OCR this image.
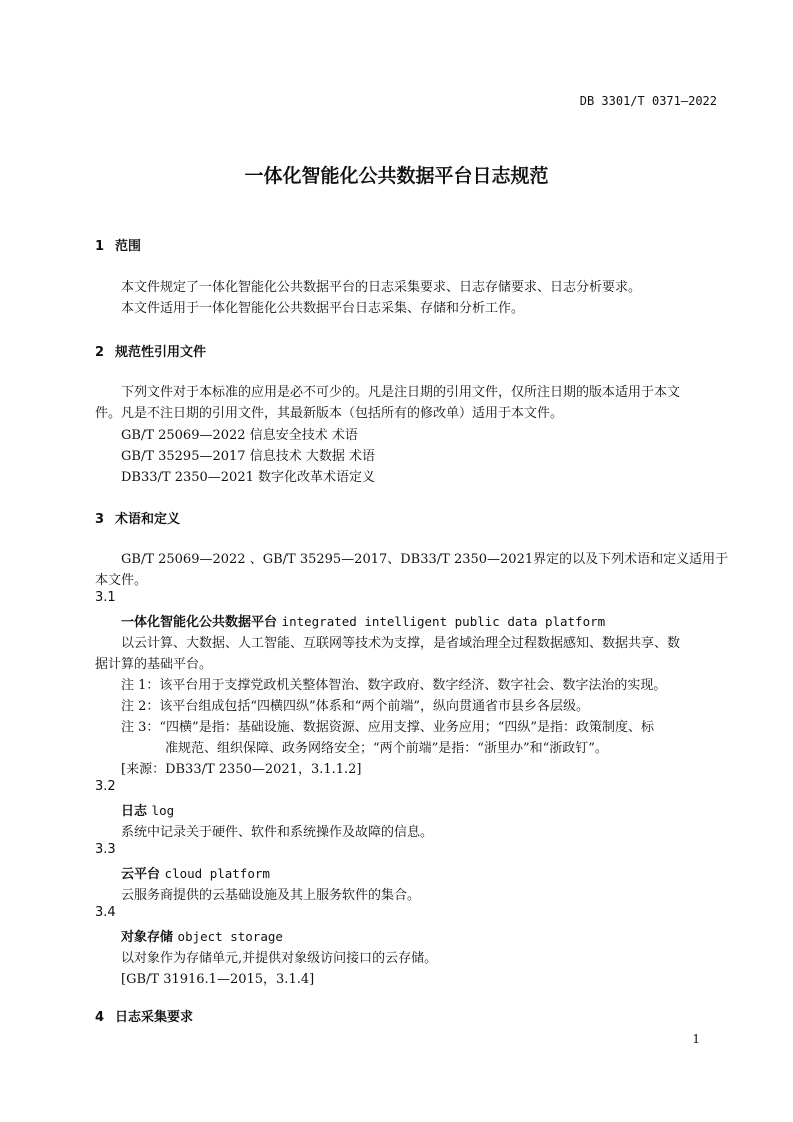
DB 3301/T 0371—2022
一体化智能化公共数据平台日志规范
1 范围
本文件规定了一体化智能化公共数据平台的日志采集要求、日志存储要求、日志分析要求。
本文件适用于一体化智能化公共数据平台日志采集、存储和分析工作。
2 规范性引用文件
下列文件对于本标准的应用是必不可少的。凡是注日期的引用文件，仅所注日期的版本适用于本文
件。凡是不注日期的引用文件，其最新版本（包括所有的修改单）适用于本文件。
GB/T 25069—2022 信息安全技术 术语
GB/T 35295—2017 信息技术 大数据 术语
DB33/T 2350—2021 数字化改革术语定义
3 术语和定义
GB/T 25069—2022 、GB/T 35295—2017、DB33/T 2350—2021界定的以及下列术语和定义适用于
本文件。
3.1
一体化智能化公共数据平台 integrated intelligent public data platform
以云计算、大数据、人工智能、互联网等技术为支撑，是省域治理全过程数据感知、数据共享、数
据计算的基础平台。
注 1：该平台用于支撑党政机关整体智治、数字政府、数字经济、数字社会、数字法治的实现。
注 2：该平台组成包括“四横四纵”体系和“两个前端”，纵向贯通省市县乡各层级。
注 3：“四横”是指：基础设施、数据资源、应用支撑、业务应用；“四纵”是指：政策制度、标
准规范、组织保障、政务网络安全；“两个前端”是指：“浙里办”和“浙政钉”。
[来源：DB33/T 2350—2021，3.1.1.2]
3.2
日志 log
系统中记录关于硬件、软件和系统操作及故障的信息。
3.3
云平台 cloud platform
云服务商提供的云基础设施及其上服务软件的集合。
3.4
对象存储 object storage
以对象作为存储单元,并提供对象级访问接口的云存储。
[GB/T 31916.1—2015，3.1.4]
4 日志采集要求
1
